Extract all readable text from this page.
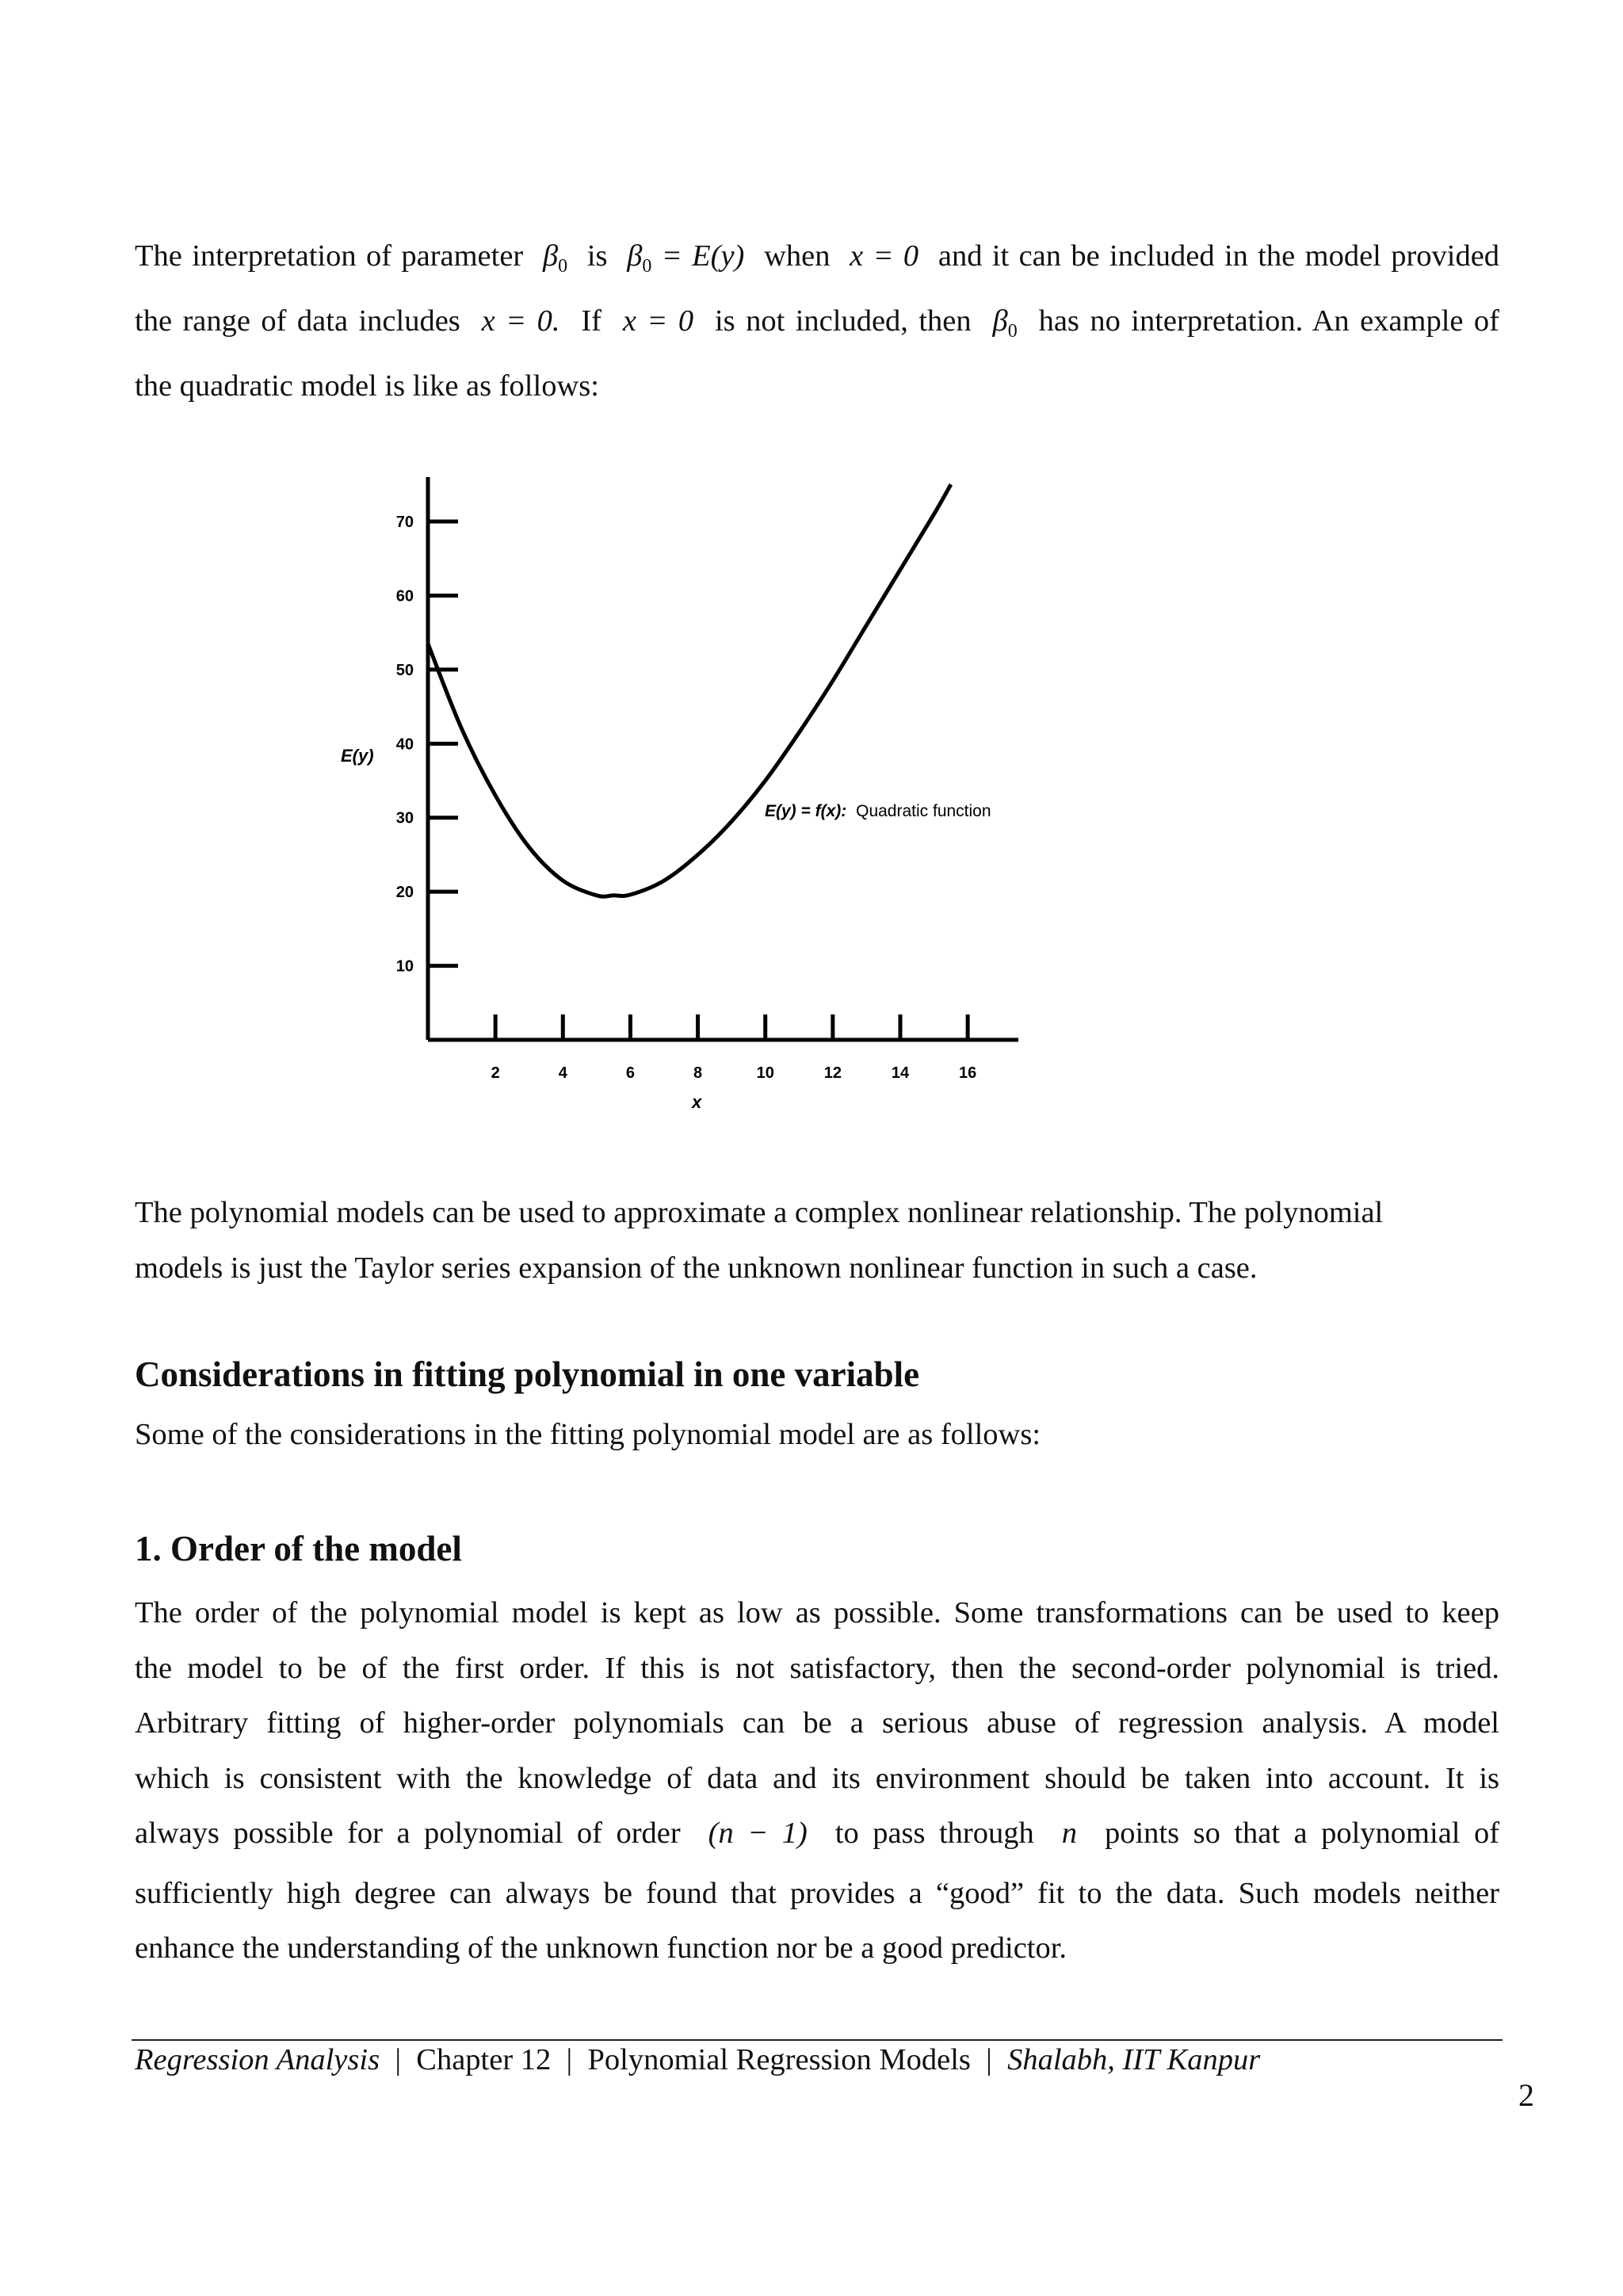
The interpretation of parameter $\beta_0$ is $\beta_0 = E(y)$ when x = 0 and it can be included in the model provided
the range of data includes x = 0. If x = 0 is not included, then $\beta_0$ has no interpretation. An example of
the quadratic model is like as follows:

10
20
30
40
50
60
70
2	4	6	8	10	12	14	16
E(y)
x
E(y) = f(x): Quadratic function

The polynomial models can be used to approximate a complex nonlinear relationship. The polynomial
models is just the Taylor series expansion of the unknown nonlinear function in such a case.

Considerations in fitting polynomial in one variable

Some of the considerations in the fitting polynomial model are as follows:

1. Order of the model

The order of the polynomial model is kept as low as possible. Some transformations can be used to keep
the model to be of the first order. If this is not satisfactory, then the second-order polynomial is tried.
Arbitrary fitting of higher-order polynomials can be a serious abuse of regression analysis. A model
which is consistent with the knowledge of data and its environment should be taken into account. It is
always possible for a polynomial of order (n − 1) to pass through n points so that a polynomial of
sufficiently high degree can always be found that provides a “good” fit to the data. Such models neither
enhance the understanding of the unknown function nor be a good predictor.

Regression Analysis  |  Chapter 12  |  Polynomial Regression Models  |  Shalabh, IIT Kanpur
2
